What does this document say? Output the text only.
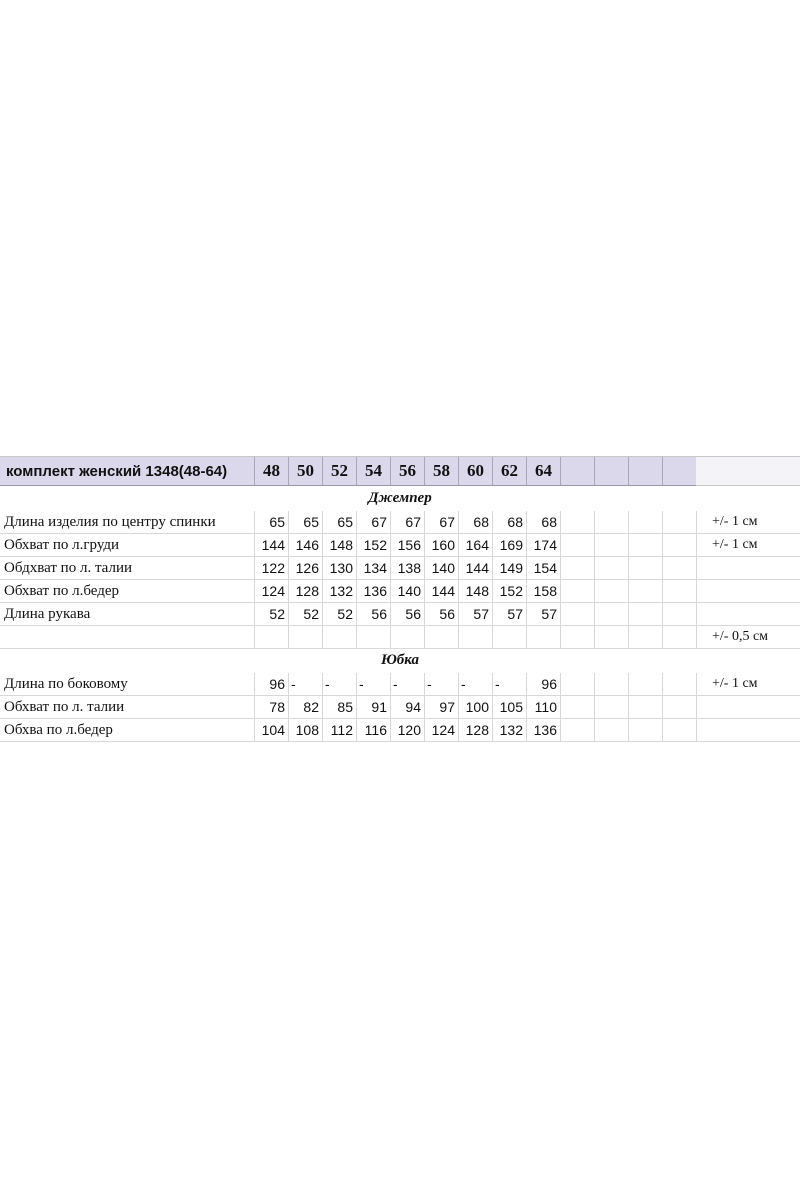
комплект женский 1348(48-64)	48	50	52	54	56	58	60	62	64
Джемпер
Длина изделия по центру спинки	65	65	65	67	67	67	68	68	68	+/- 1 см
Обхват по л.груди	144 146 148 152 156 160 164 169 174	+/- 1 см
Обдхват по л. талии	122 126 130 134 138 140 144 149 154
Обхват по л.бедер	124 128 132 136 140 144 148 152 158
Длина рукава	52	52	52	56	56	56	57	57	57
+/- 0,5 см
Юбка
Длина по боковому	96 -	-	-	-	-	-	-	96	+/- 1 см
Обхват по л. талии	78	82	85	91	94	97 100 105 110
Обхва по л.бедер	104 108 112 116 120 124 128 132 136
